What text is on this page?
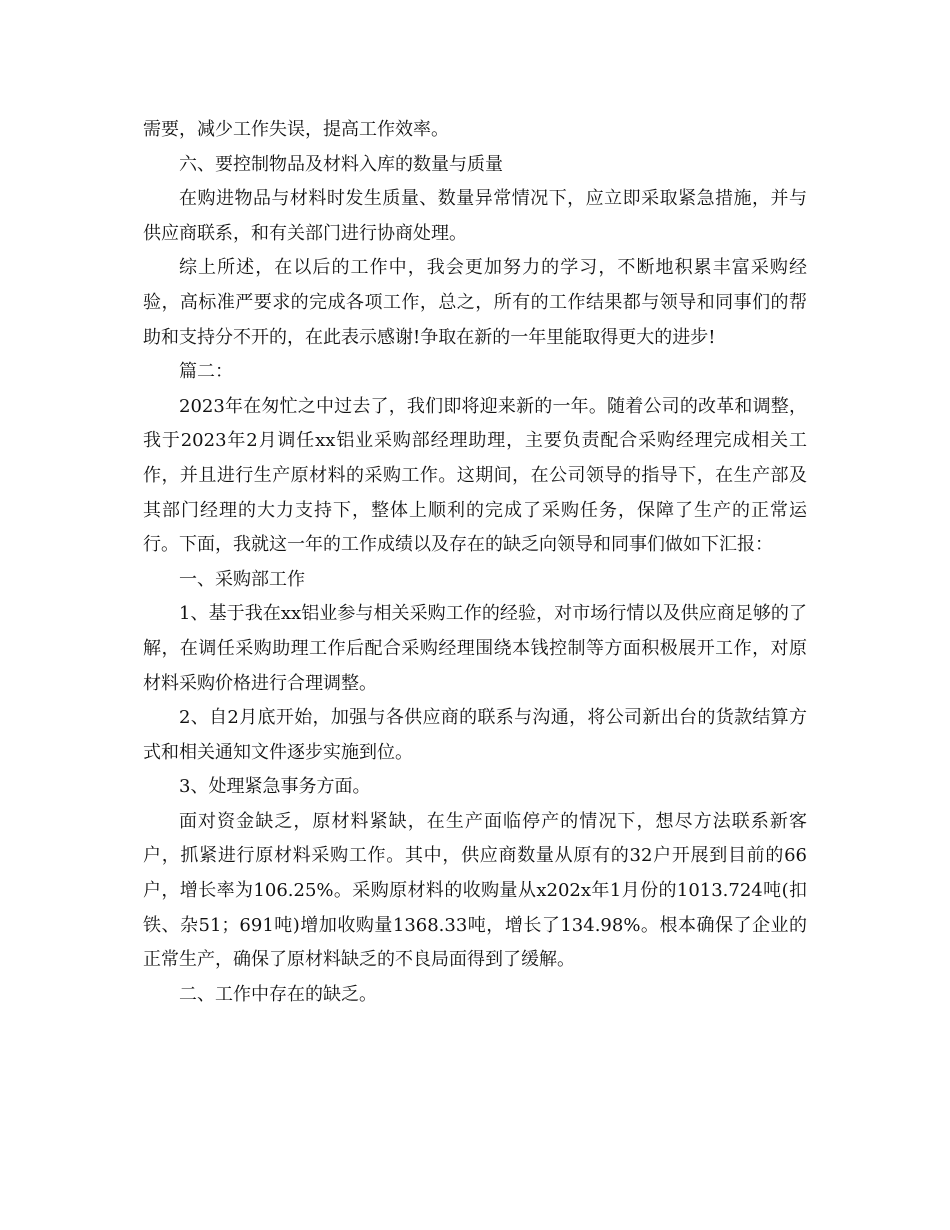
需要，减少工作失误，提高工作效率。

六、要控制物品及材料入库的数量与质量

在购进物品与材料时发生质量、数量异常情况下，应立即采取紧急措施，并与供应商联系，和有关部门进行协商处理。

综上所述，在以后的工作中，我会更加努力的学习，不断地积累丰富采购经验，高标准严要求的完成各项工作，总之，所有的工作结果都与领导和同事们的帮助和支持分不开的，在此表示感谢!争取在新的一年里能取得更大的进步!

篇二：

2023年在匆忙之中过去了，我们即将迎来新的一年。随着公司的改革和调整，我于2023年2月调任xx铝业采购部经理助理，主要负责配合采购经理完成相关工作，并且进行生产原材料的采购工作。这期间，在公司领导的指导下，在生产部及其部门经理的大力支持下，整体上顺利的完成了采购任务，保障了生产的正常运行。下面，我就这一年的工作成绩以及存在的缺乏向领导和同事们做如下汇报：

一、采购部工作

1、基于我在xx铝业参与相关采购工作的经验，对市场行情以及供应商足够的了解，在调任采购助理工作后配合采购经理围绕本钱控制等方面积极展开工作，对原材料采购价格进行合理调整。

2、自2月底开始，加强与各供应商的联系与沟通，将公司新出台的货款结算方式和相关通知文件逐步实施到位。

3、处理紧急事务方面。

面对资金缺乏，原材料紧缺，在生产面临停产的情况下，想尽方法联系新客户，抓紧进行原材料采购工作。其中，供应商数量从原有的32户开展到目前的66户，增长率为106.25%。采购原材料的收购量从x202x年1月份的1013.724吨(扣铁、杂51；691吨)增加收购量1368.33吨，增长了134.98%。根本确保了企业的正常生产，确保了原材料缺乏的不良局面得到了缓解。

二、工作中存在的缺乏。
